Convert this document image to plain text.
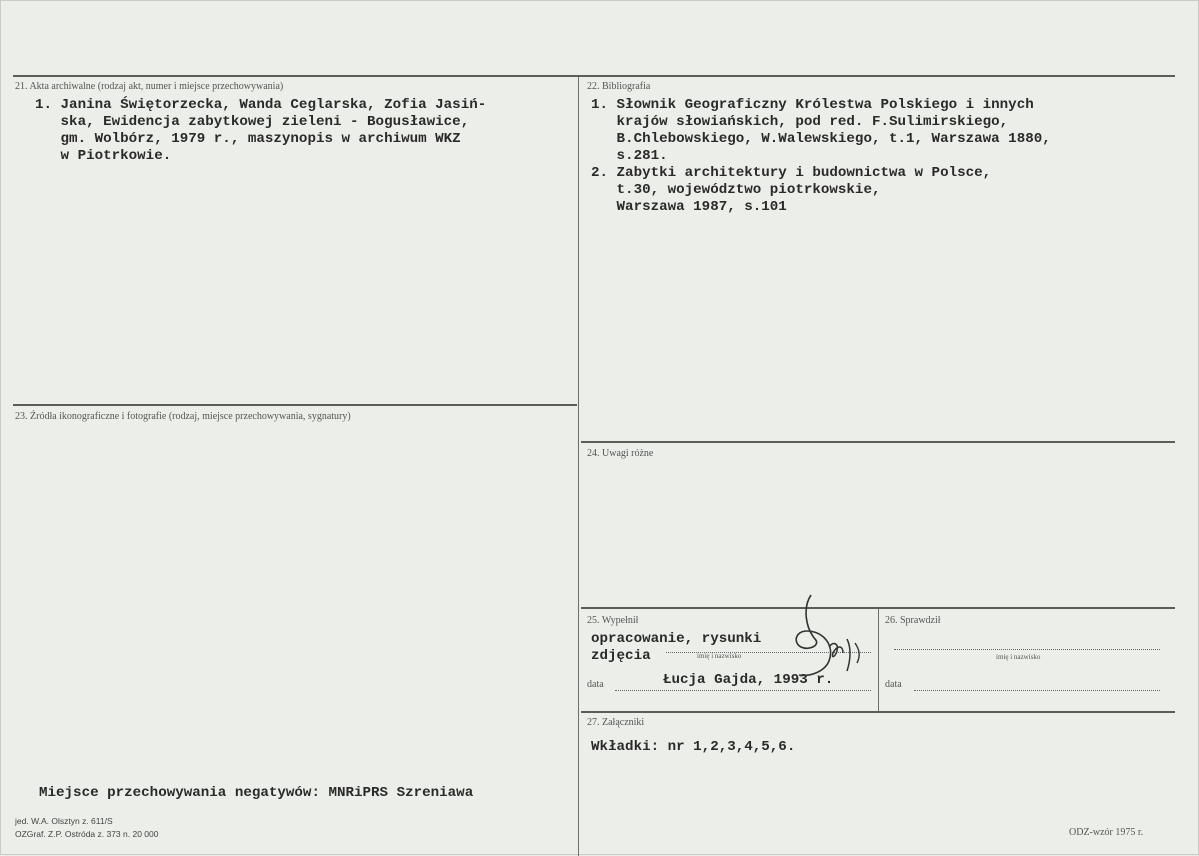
21. Akta archiwalne (rodzaj akt, numer i miejsce przechowywania)
1. Janina Świętorzecka, Wanda Ceglarska, Zofia Jasiń-
ska, Ewidencja zabytkowej zieleni - Bogusławice,
gm. Wolbórz, 1979 r., maszynopis w archiwum WKZ
w Piotrkowie.
22. Bibliografia
1. Słownik Geograficzny Królestwa Polskiego i innych
krajów słowiańskich, pod red. F.Sulimirskiego,
B.Chlebowskiego, W.Walewskiego, t.1, Warszawa 1880,
s.281.
2. Zabytki architektury i budownictwa w Polsce,
t.30, województwo piotrkowskie,
Warszawa 1987, s.101
23. Źródła ikonograficzne i fotografie (rodzaj, miejsce przechowywania, sygnatury)
Miejsce przechowywania negatywów: MNRiPRS Szreniawa
24. Uwagi różne
25. Wypełnił
opracowanie, rysunki
zdjęcia	imię i nazwisko
data	Łucja Gajda, 1993 r.
26. Sprawdził
imię i nazwisko
data
27. Załączniki
Wkładki: nr 1,2,3,4,5,6.
jed. W.A. Olsztyn z. 611/S
OZGraf. Z.P. Ostróda z. 373 n. 20 000	ODZ-wzór 1975 r.
